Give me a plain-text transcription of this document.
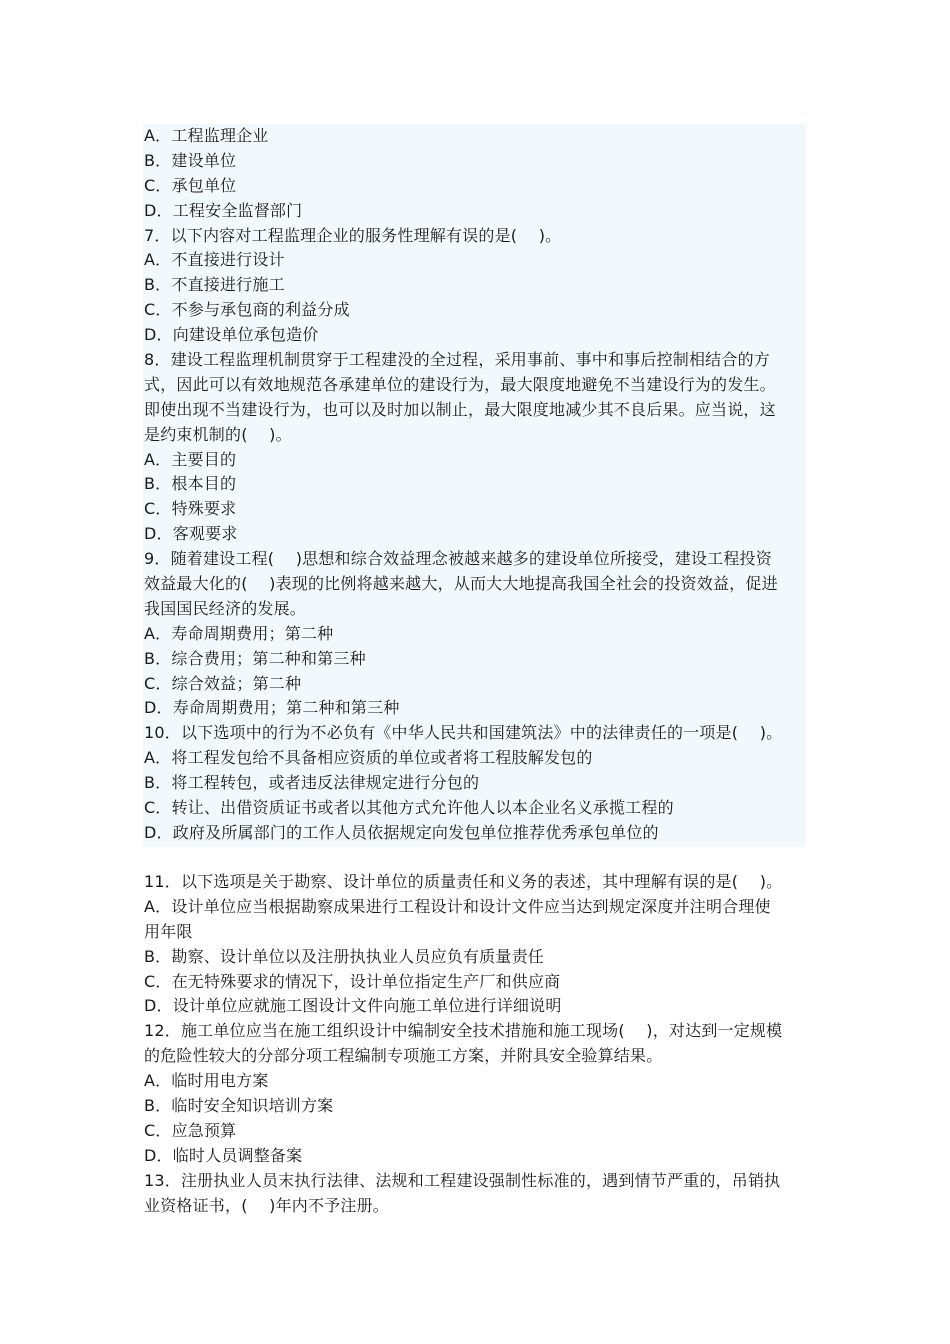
A．工程监理企业
B．建设单位
C．承包单位
D．工程安全监督部门
7．以下内容对工程监理企业的服务性理解有误的是(　 )。
A．不直接进行设计
B．不直接进行施工
C．不参与承包商的利益分成
D．向建设单位承包造价
8．建设工程监理机制贯穿于工程建没的全过程，采用事前、事中和事后控制相结合的方
式，因此可以有效地规范各承建单位的建设行为，最大限度地避免不当建设行为的发生。
即使出现不当建设行为，也可以及时加以制止，最大限度地减少其不良后果。应当说，这
是约束机制的(　 )。
A．主要目的
B．根本目的
C．特殊要求
D．客观要求
9．随着建设工程(　 )思想和综合效益理念被越来越多的建设单位所接受，建设工程投资
效益最大化的(　 )表现的比例将越来越大，从而大大地提高我国全社会的投资效益，促进
我国国民经济的发展。
A．寿命周期费用；第二种
B．综合费用；第二种和第三种
C．综合效益；第二种
D．寿命周期费用；第二种和第三种
10．以下选项中的行为不必负有《中华人民共和国建筑法》中的法律责任的一项是(　 )。
A．将工程发包给不具备相应资质的单位或者将工程肢解发包的
B．将工程转包，或者违反法律规定进行分包的
C．转让、出借资质证书或者以其他方式允许他人以本企业名义承揽工程的
D．政府及所属部门的工作人员依据规定向发包单位推荐优秀承包单位的
11．以下选项是关于勘察、设计单位的质量责任和义务的表述，其中理解有误的是(　 )。
A．设计单位应当根据勘察成果进行工程设计和设计文件应当达到规定深度并注明合理使
用年限
B．勘察、设计单位以及注册执执业人员应负有质量责任
C．在无特殊要求的情况下，设计单位指定生产厂和供应商
D．设计单位应就施工图设计文件向施工单位进行详细说明
12．施工单位应当在施工组织设计中编制安全技术措施和施工现场(　 )，对达到一定规模
的危险性较大的分部分项工程编制专项施工方案，并附具安全验算结果。
A．临时用电方案
B．临时安全知识培训方案
C．应急预算
D．临时人员调整备案
13．注册执业人员末执行法律、法规和工程建设强制性标准的，遇到情节严重的，吊销执
业资格证书，(　 )年内不予注册。
